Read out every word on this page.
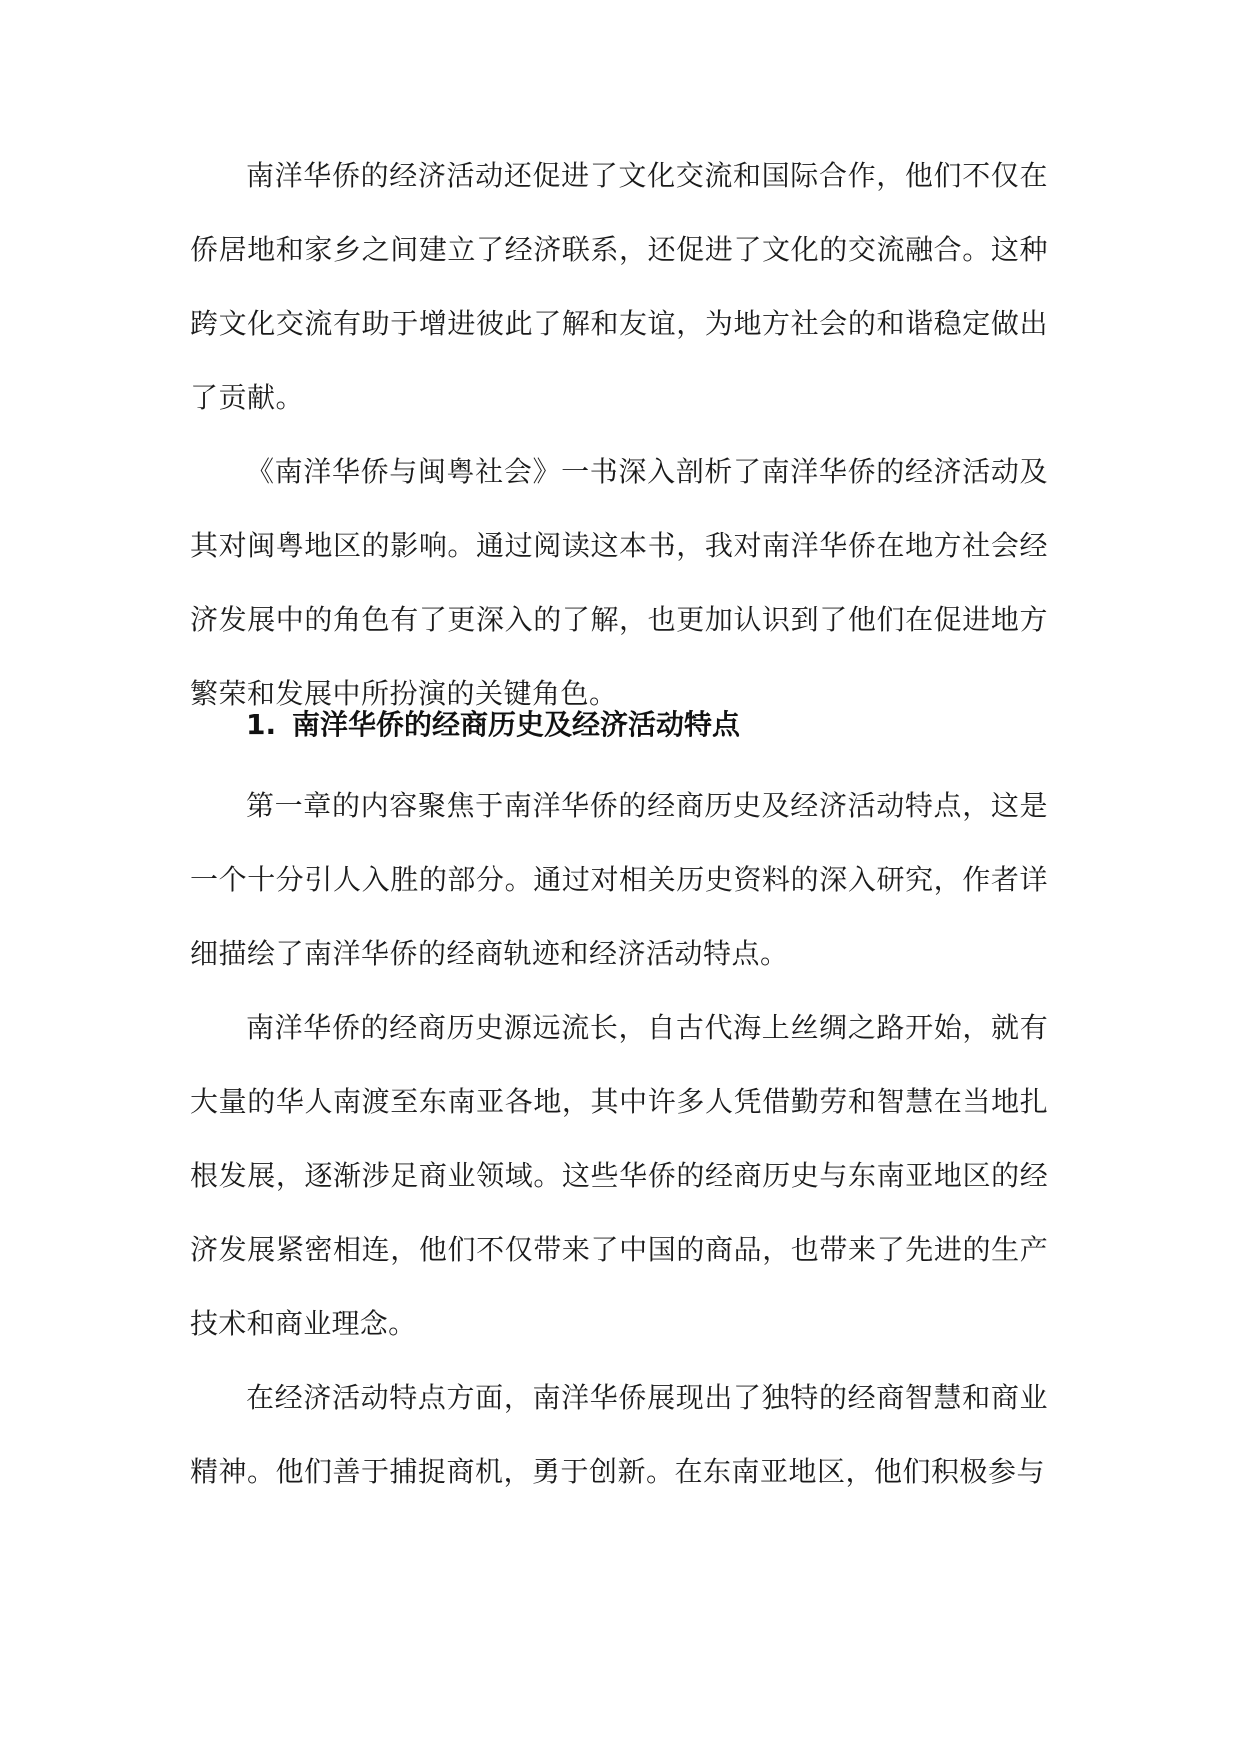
南洋华侨的经济活动还促进了文化交流和国际合作，他们不仅在侨居地和家乡之间建立了经济联系，还促进了文化的交流融合。这种跨文化交流有助于增进彼此了解和友谊，为地方社会的和谐稳定做出了贡献。

《南洋华侨与闽粤社会》一书深入剖析了南洋华侨的经济活动及其对闽粤地区的影响。通过阅读这本书，我对南洋华侨在地方社会经济发展中的角色有了更深入的了解，也更加认识到了他们在促进地方繁荣和发展中所扮演的关键角色。

1. 南洋华侨的经商历史及经济活动特点

第一章的内容聚焦于南洋华侨的经商历史及经济活动特点，这是一个十分引人入胜的部分。通过对相关历史资料的深入研究，作者详细描绘了南洋华侨的经商轨迹和经济活动特点。

南洋华侨的经商历史源远流长，自古代海上丝绸之路开始，就有大量的华人南渡至东南亚各地，其中许多人凭借勤劳和智慧在当地扎根发展，逐渐涉足商业领域。这些华侨的经商历史与东南亚地区的经济发展紧密相连，他们不仅带来了中国的商品，也带来了先进的生产技术和商业理念。

在经济活动特点方面，南洋华侨展现出了独特的经商智慧和商业精神。他们善于捕捉商机，勇于创新。在东南亚地区，他们积极参与
